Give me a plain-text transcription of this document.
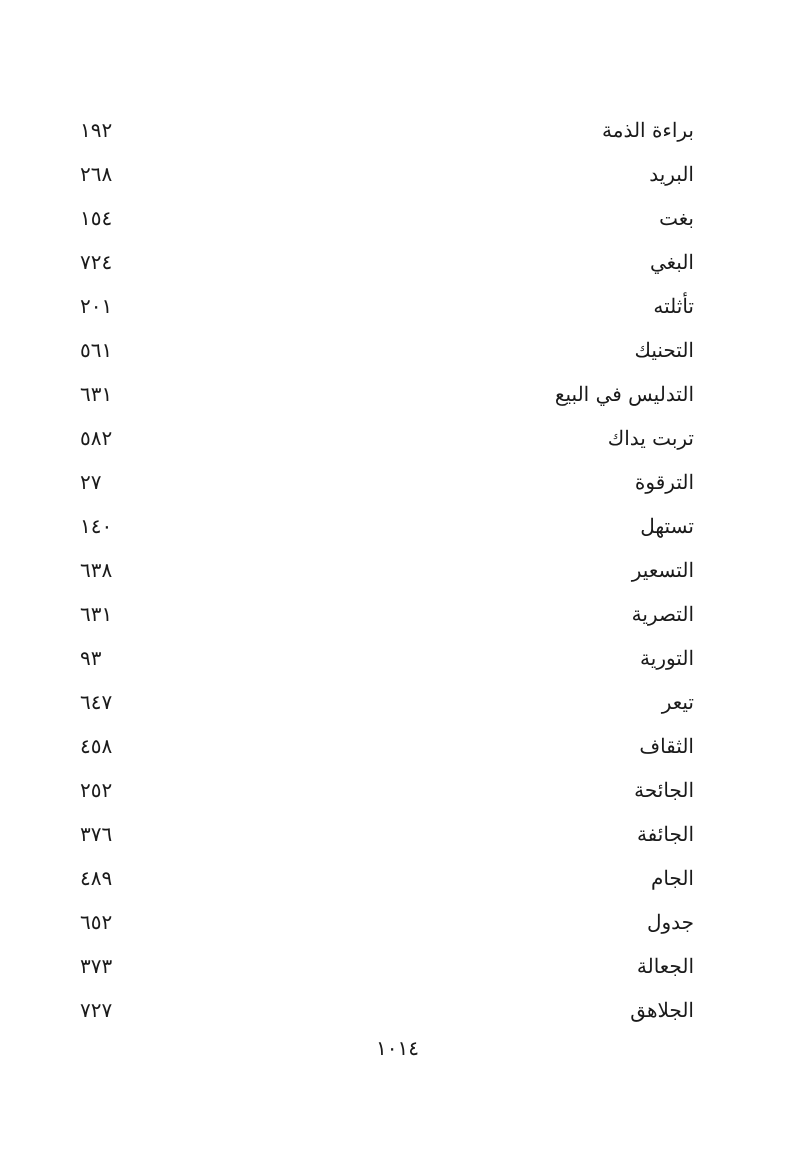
براءة الذمة
١٩٢
البريد
٢٦٨
بغت
١٥٤
البغي
٧٢٤
تأثلته
٢٠١
التحنيك
٥٦١
التدليس في البيع
٦٣١
تربت يداك
٥٨٢
الترقوة
٢٧
تستهل
١٤٠
التسعير
٦٣٨
التصرية
٦٣١
التورية
٩٣
تيعر
٦٤٧
الثقاف
٤٥٨
الجائحة
٢٥٢
الجائفة
٣٧٦
الجام
٤٨٩
جدول
٦٥٢
الجعالة
٣٧٣
الجلاهق
٧٢٧
١٠١٤
